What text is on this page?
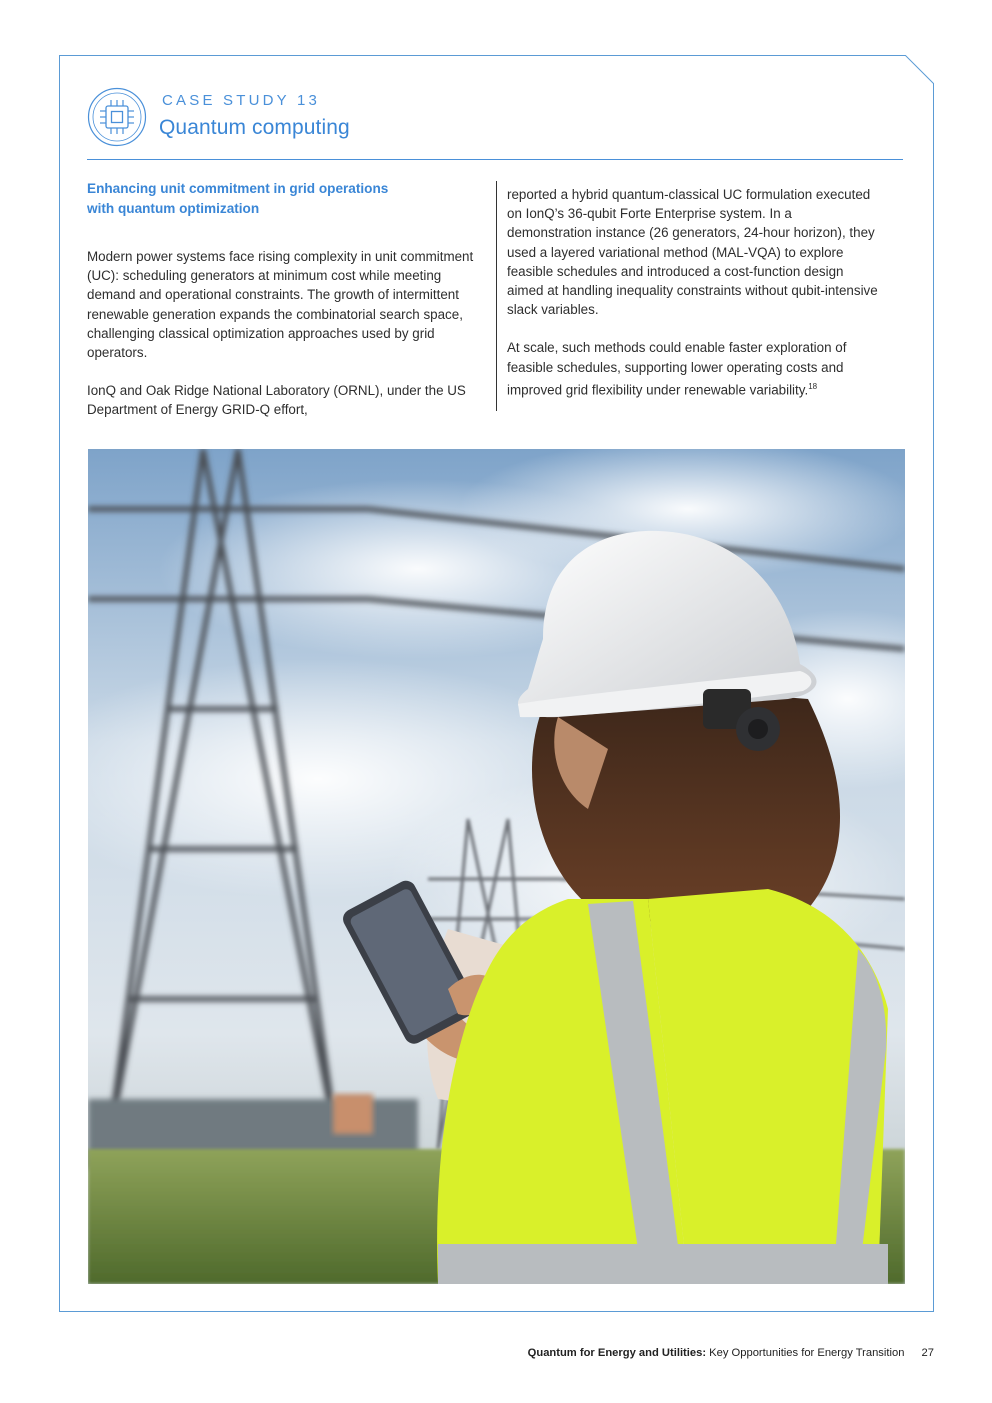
CASE STUDY 13
Quantum computing
Enhancing unit commitment in grid operations
with quantum optimization

Modern power systems face rising complexity in unit commitment (UC): scheduling generators at minimum cost while meeting demand and operational constraints. The growth of intermittent renewable generation expands the combinatorial search space, challenging classical optimization approaches used by grid operators.

IonQ and Oak Ridge National Laboratory (ORNL), under the US Department of Energy GRID-Q effort,

reported a hybrid quantum-classical UC formulation executed on IonQ’s 36-qubit Forte Enterprise system. In a demonstration instance (26 generators, 24-hour horizon), they used a layered variational method (MAL-VQA) to explore feasible schedules and introduced a cost-function design aimed at handling inequality constraints without qubit-intensive slack variables.

At scale, such methods could enable faster exploration of feasible schedules, supporting lower operating costs and improved grid flexibility under renewable variability.$^{18}$

Quantum for Energy and Utilities: Key Opportunities for Energy Transition 27
